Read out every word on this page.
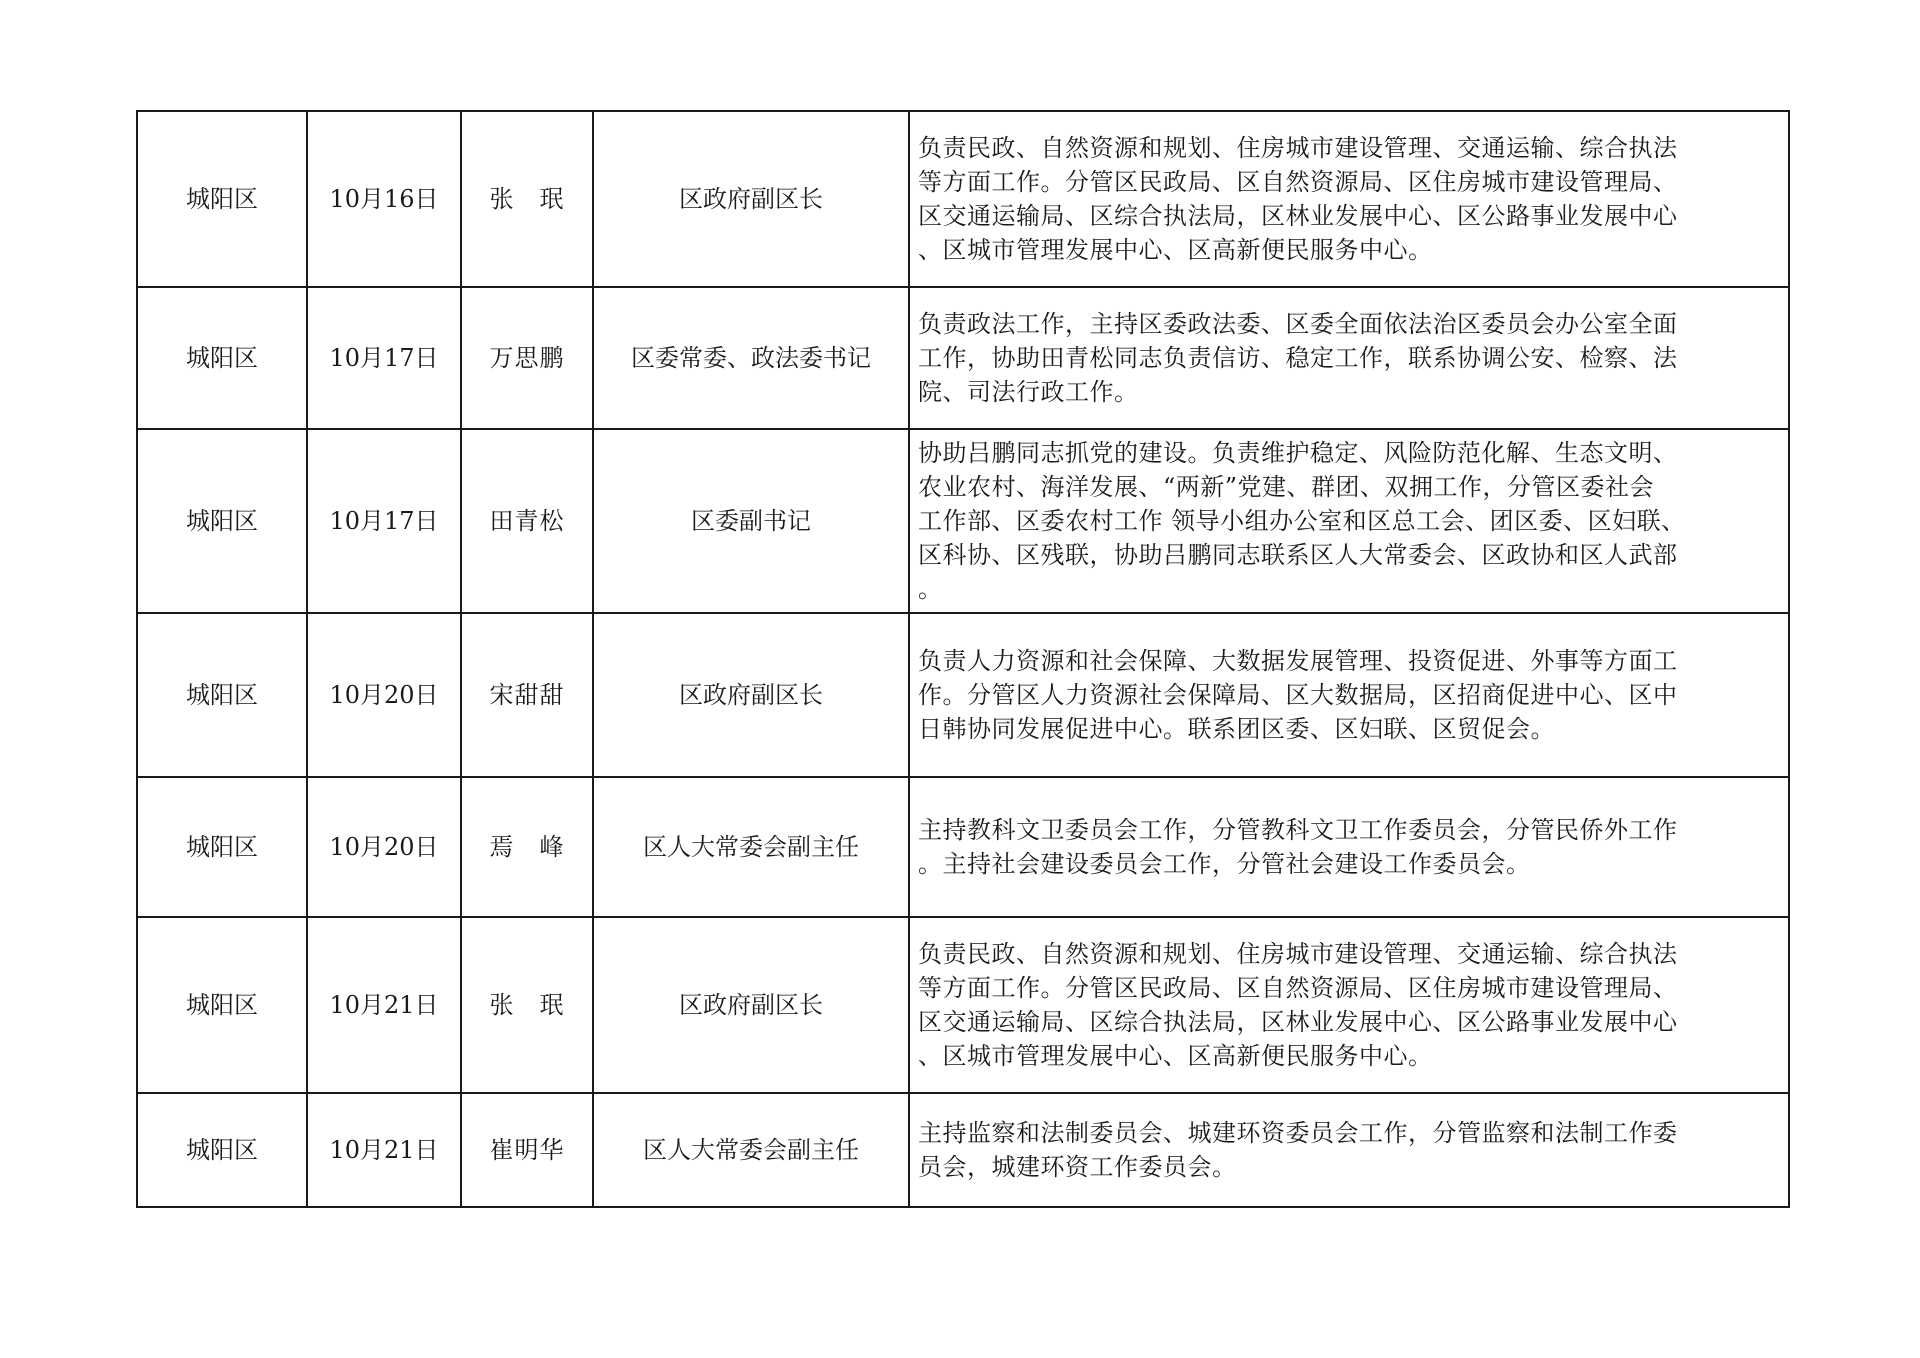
城阳区	10月16日	张　珉	区政府副区长	负责民政、自然资源和规划、住房城市建设管理、交通运输、综合执法
等方面工作。分管区民政局、区自然资源局、区住房城市建设管理局、
区交通运输局、区综合执法局，区林业发展中心、区公路事业发展中心
、区城市管理发展中心、区高新便民服务中心。

城阳区	10月17日	万思鹏	区委常委、政法委书记	负责政法工作，主持区委政法委、区委全面依法治区委员会办公室全面
工作，协助田青松同志负责信访、稳定工作，联系协调公安、检察、法
院、司法行政工作。

城阳区	10月17日	田青松	区委副书记	协助吕鹏同志抓党的建设。负责维护稳定、风险防范化解、生态文明、
农业农村、海洋发展、“两新”党建、群团、双拥工作，分管区委社会
工作部、区委农村工作 领导小组办公室和区总工会、团区委、区妇联、
区科协、区残联，协助吕鹏同志联系区人大常委会、区政协和区人武部
。

城阳区	10月20日	宋甜甜	区政府副区长	负责人力资源和社会保障、大数据发展管理、投资促进、外事等方面工
作。分管区人力资源社会保障局、区大数据局，区招商促进中心、区中
日韩协同发展促进中心。联系团区委、区妇联、区贸促会。

城阳区	10月20日	焉　峰	区人大常委会副主任	主持教科文卫委员会工作，分管教科文卫工作委员会，分管民侨外工作
。主持社会建设委员会工作，分管社会建设工作委员会。

城阳区	10月21日	张　珉	区政府副区长	负责民政、自然资源和规划、住房城市建设管理、交通运输、综合执法
等方面工作。分管区民政局、区自然资源局、区住房城市建设管理局、
区交通运输局、区综合执法局，区林业发展中心、区公路事业发展中心
、区城市管理发展中心、区高新便民服务中心。

城阳区	10月21日	崔明华	区人大常委会副主任	主持监察和法制委员会、城建环资委员会工作，分管监察和法制工作委
员会，城建环资工作委员会。
